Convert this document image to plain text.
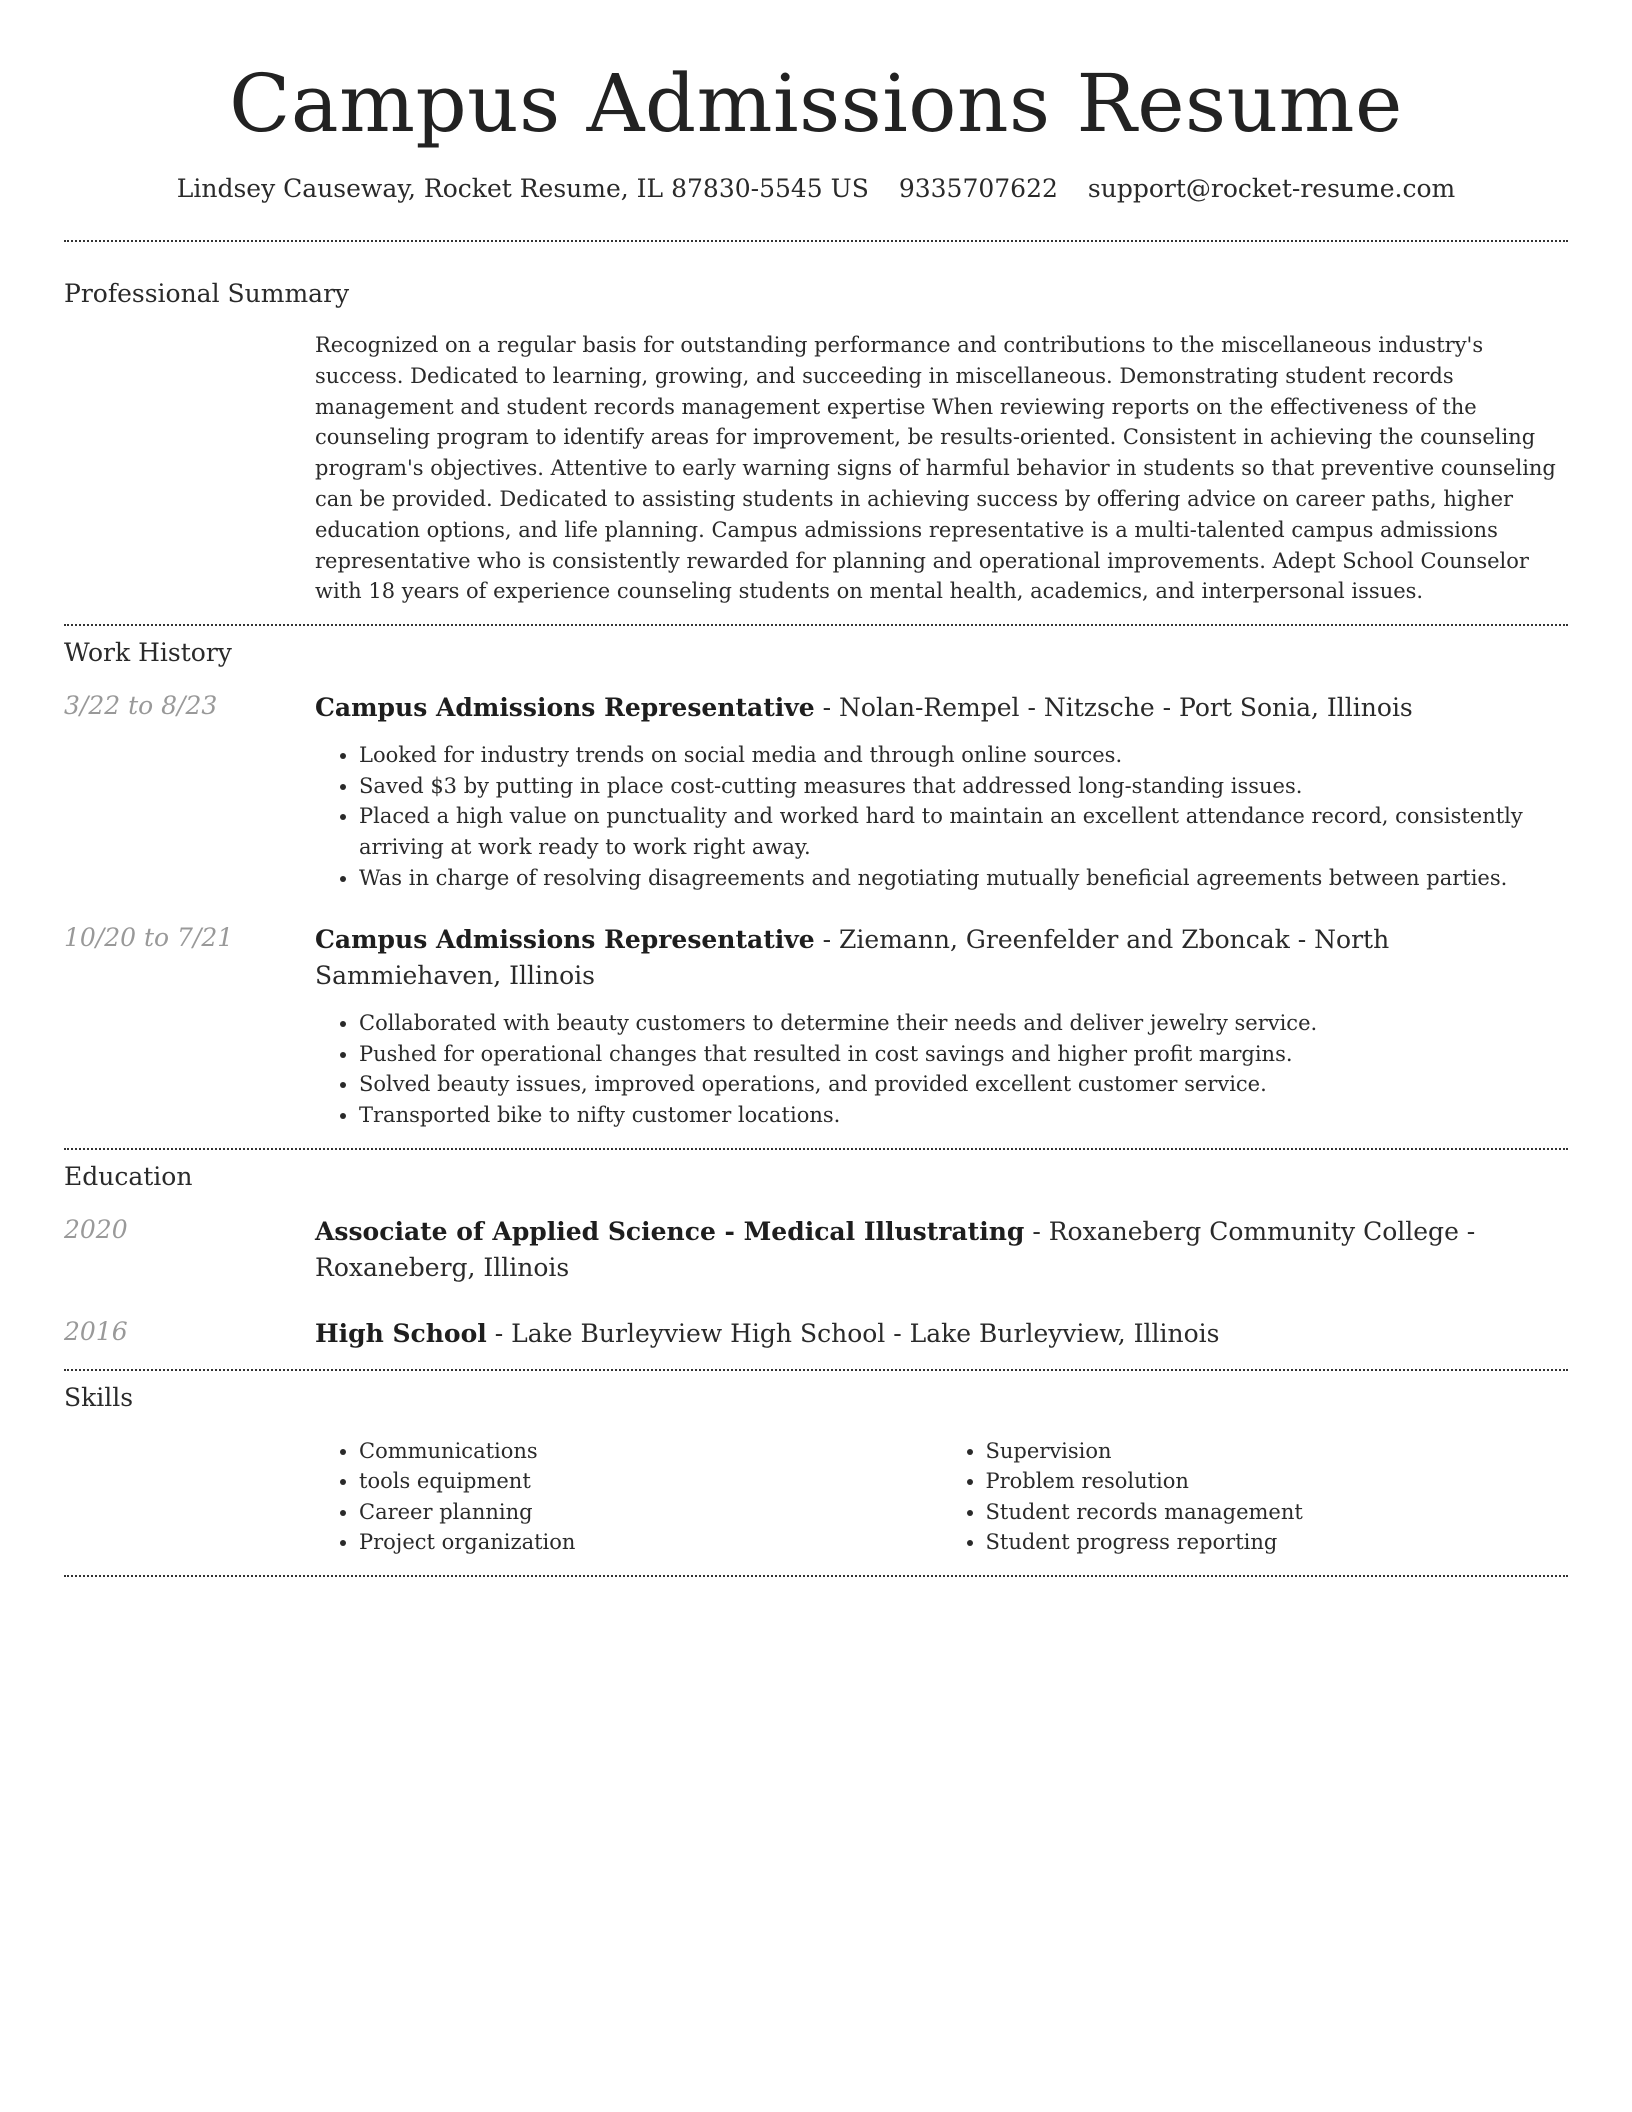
Campus Admissions Resume
Lindsey Causeway, Rocket Resume, IL 87830-5545 US 9335707622 support@rocket-resume.com
Professional Summary

Recognized on a regular basis for outstanding performance and contributions to the miscellaneous industry's success. Dedicated to learning, growing, and succeeding in miscellaneous. Demonstrating student records management and student records management expertise When reviewing reports on the effectiveness of the counseling program to identify areas for improvement, be results-oriented. Consistent in achieving the counseling program's objectives. Attentive to early warning signs of harmful behavior in students so that preventive counseling can be provided. Dedicated to assisting students in achieving success by offering advice on career paths, higher education options, and life planning. Campus admissions representative is a multi-talented campus admissions representative who is consistently rewarded for planning and operational improvements. Adept School Counselor with 18 years of experience counseling students on mental health, academics, and interpersonal issues.

Work History
3/22 to 8/23	Campus Admissions Representative - Nolan-Rempel - Nitzsche - Port Sonia, Illinois
• Looked for industry trends on social media and through online sources.
• Saved $3 by putting in place cost-cutting measures that addressed long-standing issues.
• Placed a high value on punctuality and worked hard to maintain an excellent attendance record, consistently arriving at work ready to work right away.
• Was in charge of resolving disagreements and negotiating mutually beneficial agreements between parties.
10/20 to 7/21	Campus Admissions Representative - Ziemann, Greenfelder and Zboncak - North Sammiehaven, Illinois
• Collaborated with beauty customers to determine their needs and deliver jewelry service.
• Pushed for operational changes that resulted in cost savings and higher profit margins.
• Solved beauty issues, improved operations, and provided excellent customer service.
• Transported bike to nifty customer locations.
Education
2020	Associate of Applied Science - Medical Illustrating - Roxaneberg Community College - Roxaneberg, Illinois
2016	High School - Lake Burleyview High School - Lake Burleyview, Illinois
Skills
• Communications
• tools equipment
• Career planning
• Project organization
• Supervision
• Problem resolution
• Student records management
• Student progress reporting
